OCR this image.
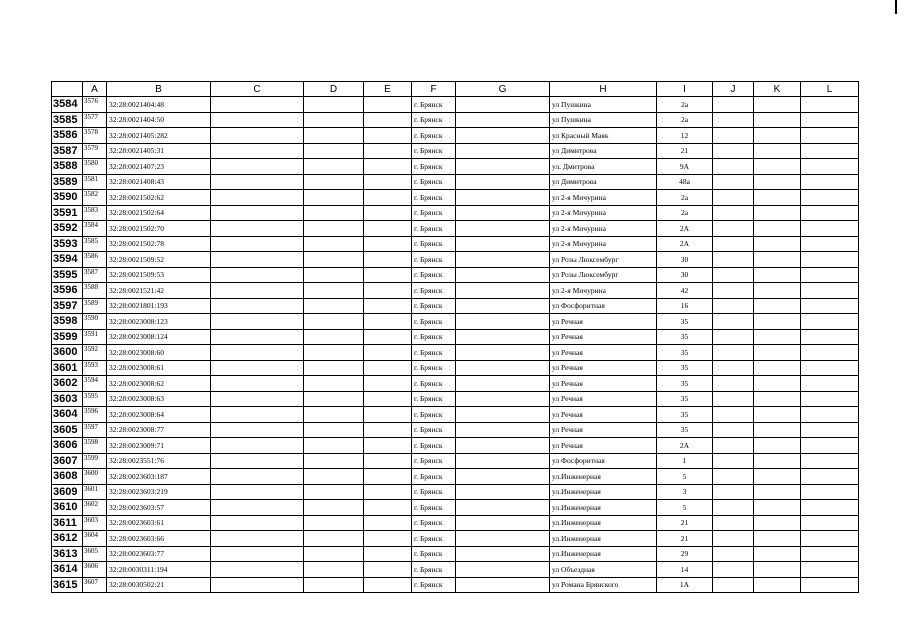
	A	B	C	D	E	F	G	H	I	J	K	L
3584	3576	32:28:0021404:48				г. Брянск		ул Пушкина	2а			
3585	3577	32:28:0021404:50				г. Брянск		ул Пушкина	2а			
3586	3578	32:28:0021405:282				г. Брянск		ул Красный Маяк	12			
3587	3579	32:28:0021405:31				г. Брянск		ул Димитрова	21			
3588	3580	32:28:0021407:23				г. Брянск		ул. Дмитрова	9А			
3589	3581	32:28:0021408:43				г. Брянск		ул Димитрова	48а			
3590	3582	32:28:0021502:62				г. Брянск		ул 2-я Мичурина	2а			
3591	3583	32:28:0021502:64				г. Брянск		ул 2-я Мичурина	2а			
3592	3584	32:28:0021502:70				г. Брянск		ул 2-я Мичурина	2А			
3593	3585	32:28:0021502:78				г. Брянск		ул 2-я Мичурина	2А			
3594	3586	32:28:0021509:52				г. Брянск		ул Розы Люксембург	30			
3595	3587	32:28:0021509:53				г. Брянск		ул Розы Люксембург	30			
3596	3588	32:28:0021521:42				г. Брянск		ул 2-я Мичурина	42			
3597	3589	32:28:0021801:193				г. Брянск		ул Фосфоритная	16			
3598	3590	32:28:0023008:123				г. Брянск		ул Речная	35			
3599	3591	32:28:0023008:124				г. Брянск		ул Речная	35			
3600	3592	32:28:0023008:60				г. Брянск		ул Речная	35			
3601	3593	32:28:0023008:61				г. Брянск		ул Речная	35			
3602	3594	32:28:0023008:62				г. Брянск		ул Речная	35			
3603	3595	32:28:0023008:63				г. Брянск		ул Речная	35			
3604	3596	32:28:0023008:64				г. Брянск		ул Речная	35			
3605	3597	32:28:0023008:77				г. Брянск		ул Речная	35			
3606	3598	32:28:0023009:71				г. Брянск		ул Речная	2А			
3607	3599	32:28:0023551:76				г. Брянск		ул Фосфоритная	1			
3608	3600	32:28:0023603:187				г. Брянск		ул.Инженерная	5			
3609	3601	32:28:0023603:219				г. Брянск		ул.Инженерная	3			
3610	3602	32:28:0023603:57				г. Брянск		ул.Инженерная	5			
3611	3603	32:28:0023603:61				г. Брянск		ул.Инженерная	21			
3612	3604	32:28:0023603:66				г. Брянск		ул.Инженерная	21			
3613	3605	32:28:0023603:77				г. Брянск		ул.Инженерная	29			
3614	3606	32:28:0030311:194				г. Брянск		ул Объездная	14			
3615	3607	32:28:0030502:21				г. Брянск		ул Романа Брянского	1А			
